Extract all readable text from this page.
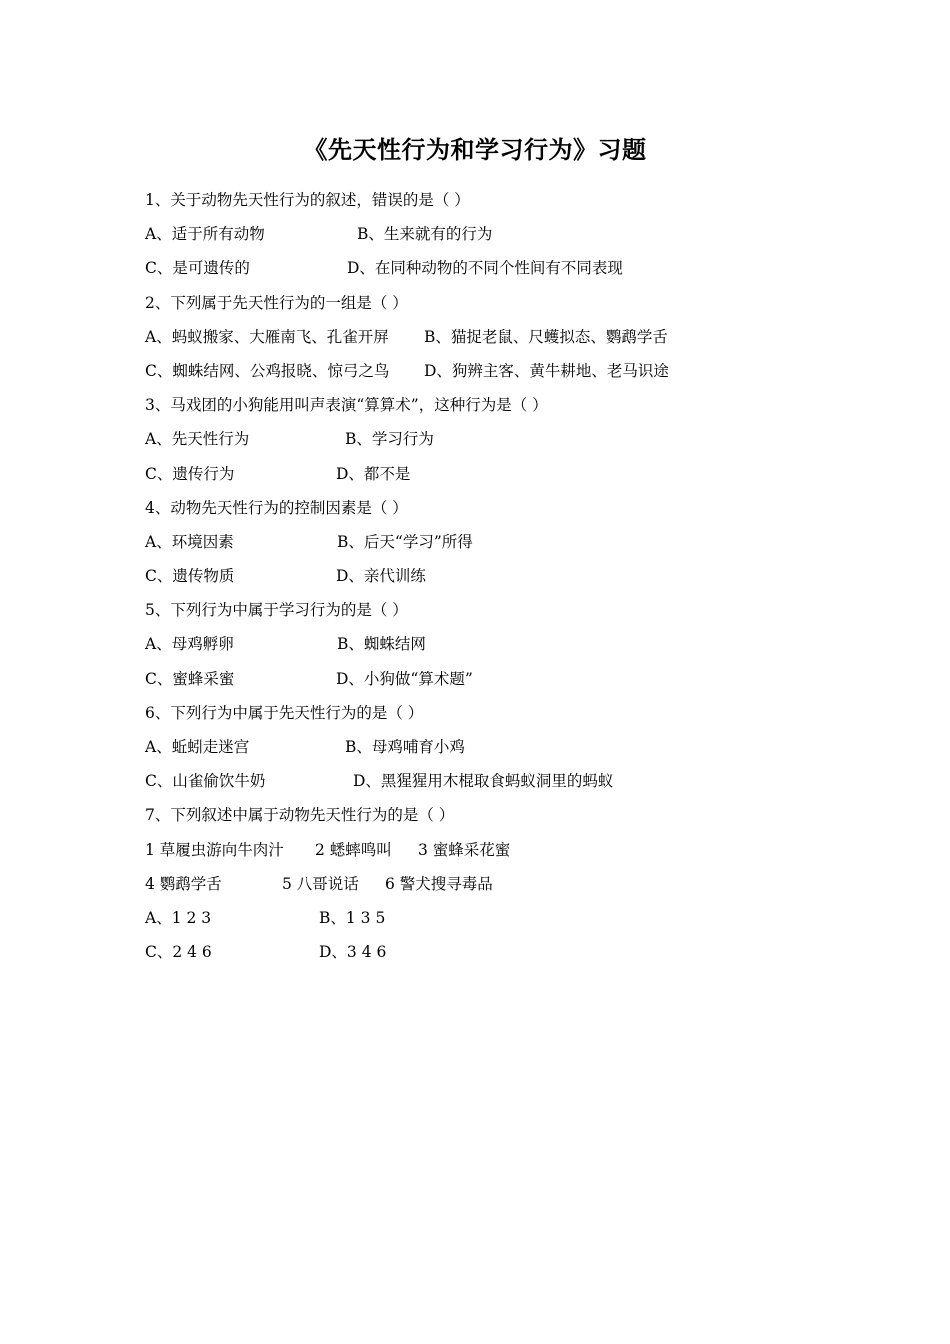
《先天性行为和学习行为》习题
1、关于动物先天性行为的叙述，错误的是（ ）
A、适于所有动物	B、生来就有的行为
C、是可遗传的	D、在同种动物的不同个性间有不同表现
2、下列属于先天性行为的一组是（ ）
A、蚂蚁搬家、大雁南飞、孔雀开屏 B、猫捉老鼠、尺蠖拟态、鹦鹉学舌
C、蜘蛛结网、公鸡报晓、惊弓之鸟 D、狗辨主客、黄牛耕地、老马识途
3、马戏团的小狗能用叫声表演“算算术”，这种行为是（ ）
A、先天性行为	B、学习行为
C、遗传行为	D、都不是
4、动物先天性行为的控制因素是（ ）
A、环境因素	B、后天“学习”所得
C、遗传物质	D、亲代训练
5、下列行为中属于学习行为的是（ ）
A、母鸡孵卵	B、蜘蛛结网
C、蜜蜂采蜜	D、小狗做“算术题”
6、下列行为中属于先天性行为的是（ ）
A、蚯蚓走迷宫	B、母鸡哺育小鸡
C、山雀偷饮牛奶	D、黑猩猩用木棍取食蚂蚁洞里的蚂蚁
7、下列叙述中属于动物先天性行为的是（ ）
1 草履虫游向牛肉汁 2 蟋蟀鸣叫 3 蜜蜂采花蜜
4 鹦鹉学舌	5 八哥说话 6 警犬搜寻毒品
A、1 2 3	B、1 3 5
C、2 4 6	D、3 4 6
